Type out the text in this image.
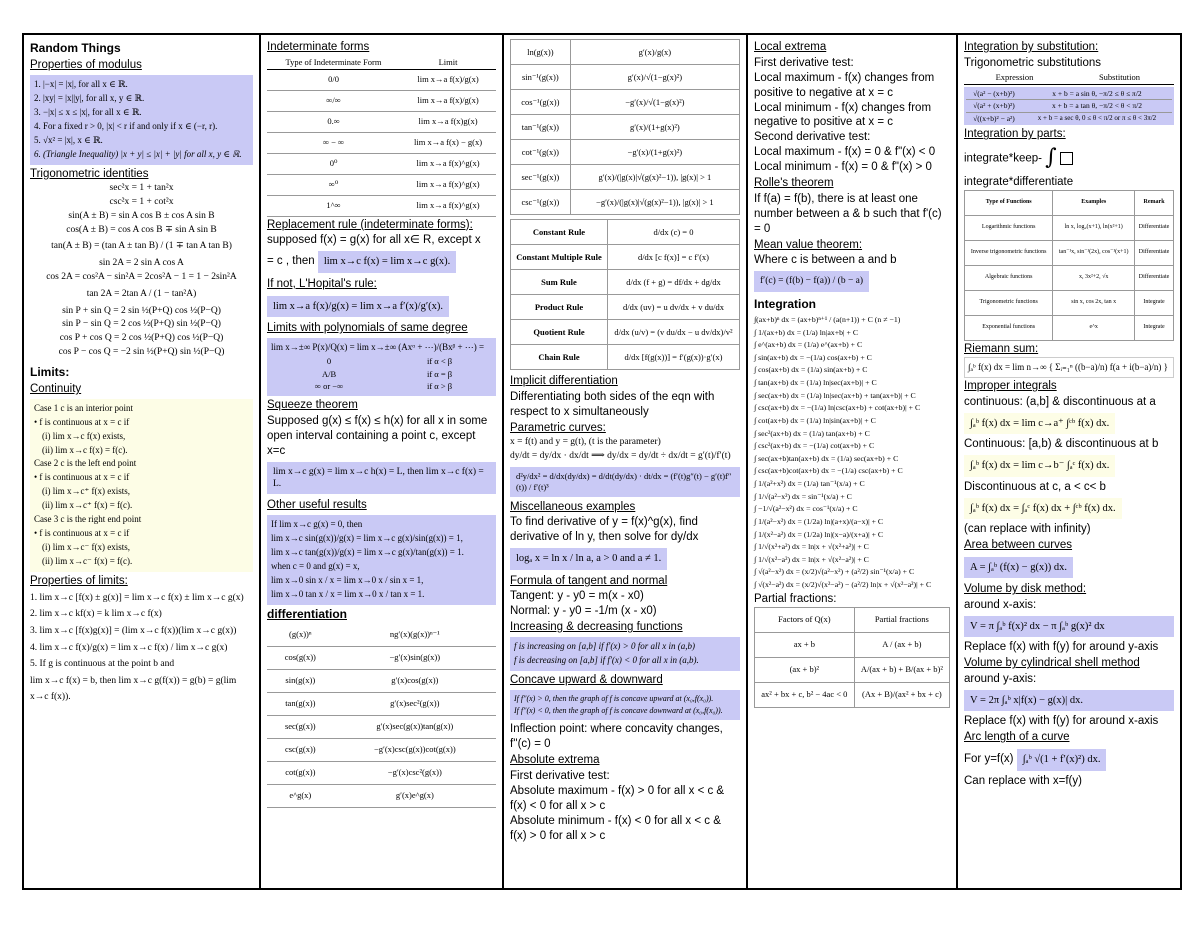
Random Things
Properties of modulus
1. |−x| = |x|, for all x ∈ ℝ.
2. |xy| = |x||y|, for all x, y ∈ ℝ.
3. −|x| ≤ x ≤ |x|, for all x ∈ ℝ.
4. For a fixed r > 0, |x| < r if and only if x ∈ (−r, r).
5. √x² = |x|, x ∈ ℝ.
6. (Triangle Inequality) |x + y| ≤ |x| + |y| for all x, y ∈ ℝ.
Trigonometric identities
sec²x = 1 + tan²x
csc²x = 1 + cot²x
sin(A ± B) = sin A cos B ± cos A sin B
cos(A ± B) = cos A cos B ∓ sin A sin B
tan(A ± B) = (tan A ± tan B) / (1 ∓ tan A tan B)
sin 2A = 2 sin A cos A
cos 2A = cos²A − sin²A = 2cos²A − 1 = 1 − 2sin²A
tan 2A = 2tan A / (1 − tan²A)
sin P + sin Q = 2 sin ½(P+Q) cos ½(P−Q)
sin P − sin Q = 2 cos ½(P+Q) sin ½(P−Q)
cos P + cos Q = 2 cos ½(P+Q) cos ½(P−Q)
cos P − cos Q = −2 sin ½(P+Q) sin ½(P−Q)
Limits:
Continuity
Case 1 c is an interior point
• f is continuous at x = c if
(i) lim x→c f(x) exists,
(ii) lim x→c f(x) = f(c).
Case 2 c is the left end point
• f is continuous at x = c if
(i) lim x→c⁺ f(x) exists,
(ii) lim x→c⁺ f(x) = f(c).
Case 3 c is the right end point
• f is continuous at x = c if
(i) lim x→c⁻ f(x) exists,
(ii) lim x→c⁻ f(x) = f(c).
Properties of limits:
1. lim x→c [f(x) ± g(x)] = lim x→c f(x) ± lim x→c g(x)
2. lim x→c kf(x) = k lim x→c f(x)
3. lim x→c [f(x)g(x)] = (lim x→c f(x))(lim x→c g(x))
4. lim x→c f(x)/g(x) = lim x→c f(x) / lim x→c g(x)
5. If g is continuous at the point b and
lim x→c f(x) = b, then lim x→c g(f(x)) = g(b) = g(lim x→c f(x)).
Indeterminate forms
Type of Indeterminate Form	Limit
0/0	lim x→a f(x)/g(x)
∞/∞	lim x→a f(x)/g(x)
0.∞	lim x→a f(x)g(x)
∞ − ∞	lim x→a f(x) − g(x)
0⁰	lim x→a f(x)^g(x)
∞⁰	lim x→a f(x)^g(x)
1^∞	lim x→a f(x)^g(x)
Replacement rule (indeterminate forms):
supposed f(x) = g(x) for all x∈ R, except x
= c , then lim x→c f(x) = lim x→c g(x).
If not, L'Hopital's rule:
lim x→a f(x)/g(x) = lim x→a f′(x)/g′(x).
Limits with polynomials of same degree
lim x→±∞ P(x)/Q(x) = lim x→±∞ (Axᵅ + ⋯)/(Bxᵝ + ⋯) =
0	if α < β
A/B	if α = β
∞ or −∞	if α > β
Squeeze theorem
Supposed g(x) ≤ f(x) ≤ h(x) for all x in some open interval containing a point c, except x=c
lim x→c g(x) = lim x→c h(x) = L, then lim x→c f(x) = L.
Other useful results
If lim x→c g(x) = 0, then
lim x→c sin(g(x))/g(x) = lim x→c g(x)/sin(g(x)) = 1,
lim x→c tan(g(x))/g(x) = lim x→c g(x)/tan(g(x)) = 1.
when c = 0 and g(x) = x,
lim x→0 sin x / x = lim x→0 x / sin x = 1,
lim x→0 tan x / x = lim x→0 x / tan x = 1.
differentiation
(g(x))ⁿ	ng′(x)(g(x))ⁿ⁻¹
cos(g(x))	−g′(x)sin(g(x))
sin(g(x))	g′(x)cos(g(x))
tan(g(x))	g′(x)sec²(g(x))
sec(g(x))	g′(x)sec(g(x))tan(g(x))
csc(g(x))	−g′(x)csc(g(x))cot(g(x))
cot(g(x))	−g′(x)csc²(g(x))
e^g(x)	g′(x)e^g(x)
ln(g(x))	g′(x)/g(x)
sin⁻¹(g(x))	g′(x)/√(1−g(x)²)
cos⁻¹(g(x))	−g′(x)/√(1−g(x)²)
tan⁻¹(g(x))	g′(x)/(1+g(x)²)
cot⁻¹(g(x))	−g′(x)/(1+g(x)²)
sec⁻¹(g(x))	g′(x)/(|g(x)|√(g(x)²−1)), |g(x)| > 1
csc⁻¹(g(x))	−g′(x)/(|g(x)|√(g(x)²−1)), |g(x)| > 1
Constant Rule	d/dx (c) = 0
Constant Multiple Rule	d/dx [c f(x)] = c f′(x)
Sum Rule	d/dx (f + g) = df/dx + dg/dx
Product Rule	d/dx (uv) = u dv/dx + v du/dx
Quotient Rule	d/dx (u/v) = (v du/dx − u dv/dx)/v²
Chain Rule	d/dx [f(g(x))] = f′(g(x))·g′(x)
Implicit differentiation
Differentiating both sides of the eqn with respect to x simultaneously
Parametric curves:
x = f(t) and y = g(t), (t is the parameter)
dy/dt = dy/dx · dx/dt ⟹ dy/dx = dy/dt ÷ dx/dt = g′(t)/f′(t)
d²y/dx² = d/dx(dy/dx) = d/dt(dy/dx) · dt/dx = (f′(t)g″(t) − g′(t)f″(t)) / f′(t)³
Miscellaneous examples
To find derivative of y = f(x)^g(x), find derivative of ln y, then solve for dy/dx
logₐ x = ln x / ln a, a > 0 and a ≠ 1.
Formula of tangent and normal
Tangent: y - y0 = m(x - x0)
Normal: y - y0 = -1/m (x - x0)
Increasing & decreasing functions
f is increasing on [a,b] if f′(x) > 0 for all x in (a,b)
f is decreasing on [a,b] if f′(x) < 0 for all x in (a,b).
Concave upward & downward
If f″(x) > 0, then the graph of f is concave upward at (x₀,f(x₀)).
If f″(x) < 0, then the graph of f is concave downward at (x₀,f(x₀)).
Inflection point: where concavity changes, f''(c) = 0
Absolute extrema
First derivative test:
Absolute maximum - f(x) > 0 for all x < c & f(x) < 0 for all x > c
Absolute minimum - f(x) < 0 for all x < c & f(x) > 0 for all x > c
Local extrema
First derivative test:
Local maximum - f(x) changes from positive to negative at x = c
Local minimum - f(x) changes from negative to positive at x = c
Second derivative test:
Local maximum - f(x) = 0 & f"(x) < 0
Local minimum - f(x) = 0 & f"(x) > 0
Rolle's theorem
If f(a) = f(b), there is at least one number between a & b such that f'(c) = 0
Mean value theorem:
Where c is between a and b
f′(c) = (f(b) − f(a)) / (b − a)
Integration
∫(ax+b)ⁿ dx = (ax+b)ⁿ⁺¹ / (a(n+1)) + C (n ≠ −1)
∫ 1/(ax+b) dx = (1/a) ln|ax+b| + C
∫ e^(ax+b) dx = (1/a) e^(ax+b) + C
∫ sin(ax+b) dx = −(1/a) cos(ax+b) + C
∫ cos(ax+b) dx = (1/a) sin(ax+b) + C
∫ tan(ax+b) dx = (1/a) ln|sec(ax+b)| + C
∫ sec(ax+b) dx = (1/a) ln|sec(ax+b) + tan(ax+b)| + C
∫ csc(ax+b) dx = −(1/a) ln|csc(ax+b) + cot(ax+b)| + C
∫ cot(ax+b) dx = (1/a) ln|sin(ax+b)| + C
∫ sec²(ax+b) dx = (1/a) tan(ax+b) + C
∫ csc²(ax+b) dx = −(1/a) cot(ax+b) + C
∫ sec(ax+b)tan(ax+b) dx = (1/a) sec(ax+b) + C
∫ csc(ax+b)cot(ax+b) dx = −(1/a) csc(ax+b) + C
∫ 1/(a²+x²) dx = (1/a) tan⁻¹(x/a) + C
∫ 1/√(a²−x²) dx = sin⁻¹(x/a) + C
∫ −1/√(a²−x²) dx = cos⁻¹(x/a) + C
∫ 1/(a²−x²) dx = (1/2a) ln|(a+x)/(a−x)| + C
∫ 1/(x²−a²) dx = (1/2a) ln|(x−a)/(x+a)| + C
∫ 1/√(x²+a²) dx = ln|x + √(x²+a²)| + C
∫ 1/√(x²−a²) dx = ln|x + √(x²−a²)| + C
∫ √(a²−x²) dx = (x/2)√(a²−x²) + (a²/2) sin⁻¹(x/a) + C
∫ √(x²−a²) dx = (x/2)√(x²−a²) − (a²/2) ln|x + √(x²−a²)| + C
Partial fractions:
Factors of Q(x)	Partial fractions
ax + b	A / (ax + b)
(ax + b)²	A/(ax + b) + B/(ax + b)²
ax² + bx + c, b² − 4ac < 0	(Ax + B)/(ax² + bx + c)
Integration by substitution:
Trigonometric substitutions
Expression	Substitution
√(a² − (x+b)²)	x + b = a sin θ, −π/2 ≤ θ ≤ π/2
√(a² + (x+b)²)	x + b = a tan θ, −π/2 < θ < π/2
√((x+b)² − a²)	x + b = a sec θ, 0 ≤ θ < π/2 or π ≤ θ < 3π/2
Integration by parts:
integrate*keep- ∫
integrate*differentiate
Type of Functions	Examples	Remark
Logarithmic functions	ln x, log₂(x+1), ln(x²+1)	Differentiate
Inverse trigonometric functions	tan⁻¹x, sin⁻¹(2x), cos⁻¹(x+1)	Differentiate
Algebraic functions	x, 3x²+2, √x	Differentiate
Trigonometric functions	sin x, cos 2x, tan x	Integrate
Exponential functions	e^x	Integrate
Riemann sum:
∫ₐᵇ f(x) dx = lim n→∞ { Σᵢ₌₁ⁿ ((b−a)/n) f(a + i(b−a)/n) }
Improper integrals
continuous: (a,b] & discontinuous at a
∫ₐᵇ f(x) dx = lim c→a⁺ ∫ᶜᵇ f(x) dx.
Continuous: [a,b) & discontinuous at b
∫ₐᵇ f(x) dx = lim c→b⁻ ∫ₐᶜ f(x) dx.
Discontinuous at c, a < c< b
∫ₐᵇ f(x) dx = ∫ₐᶜ f(x) dx + ∫ᶜᵇ f(x) dx.
(can replace with infinity)
Area between curves
A = ∫ₐᵇ (f(x) − g(x)) dx.
Volume by disk method:
around x-axis:
V = π ∫ₐᵇ f(x)² dx − π ∫ₐᵇ g(x)² dx
Replace f(x) with f(y) for around y-axis
Volume by cylindrical shell method
around y-axis:
V = 2π ∫ₐᵇ x|f(x) − g(x)| dx.
Replace f(x) with f(y) for around x-axis
Arc length of a curve
For y=f(x) ∫ₐᵇ √(1 + f′(x)²) dx.
Can replace with x=f(y)
